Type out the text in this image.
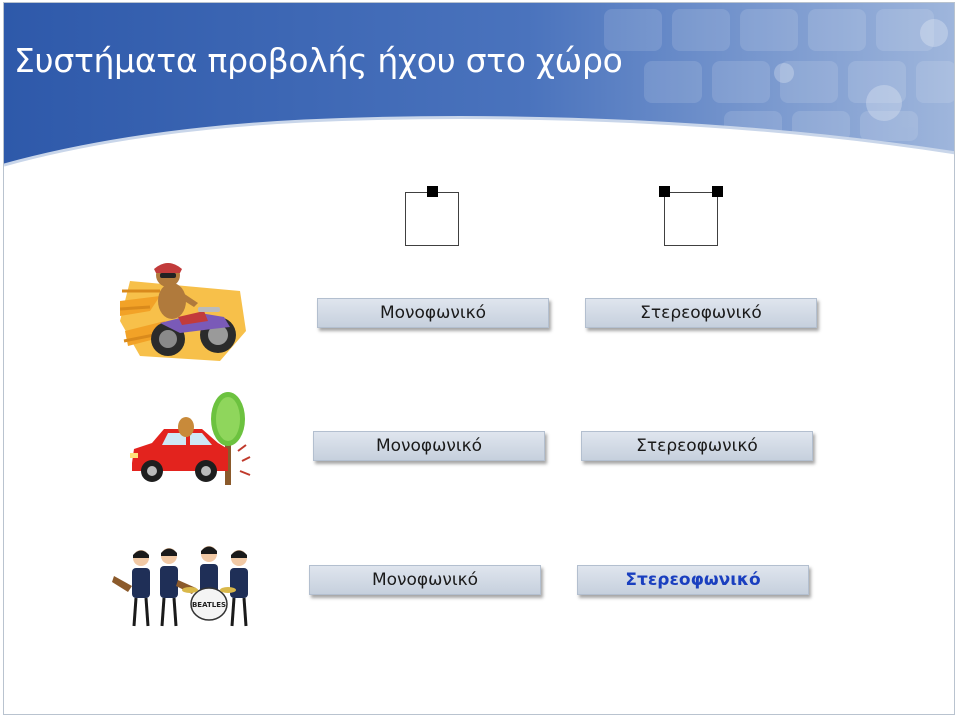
Συστήματα προβολής ήχου στο χώρο
BEATLES
Μονοφωνικό	Στερεοφωνικό
Μονοφωνικό	Στερεοφωνικό
Μονοφωνικό	Στερεοφωνικό
